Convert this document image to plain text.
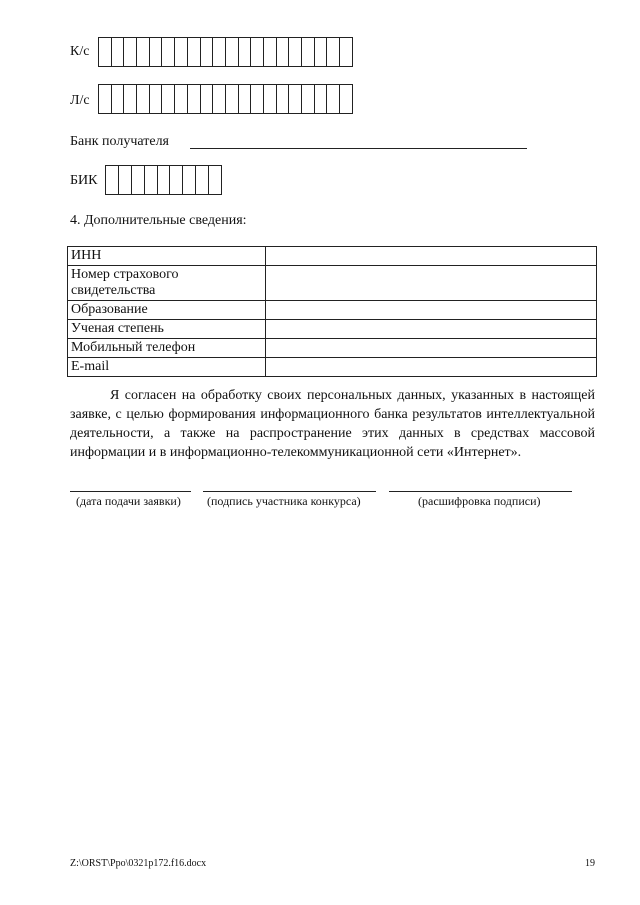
К/с
Л/с
Банк получателя
БИК
4. Дополнительные сведения:
ИНН	
Номер страхового свидетельства	
Образование	
Ученая степень	
Мобильный телефон	
E-mail	

Я согласен на обработку своих персональных данных, указанных в настоящей заявке, с целью формирования информационного банка результатов интеллектуальной деятельности, а также на распространение этих данных в средствах массовой информации и в информационно-телекоммуникационной сети «Интернет».

(дата подачи заявки) (подпись участника конкурса)	(расшифровка подписи)
Z:\ORST\Ppo\0321p172.f16.docx	19
